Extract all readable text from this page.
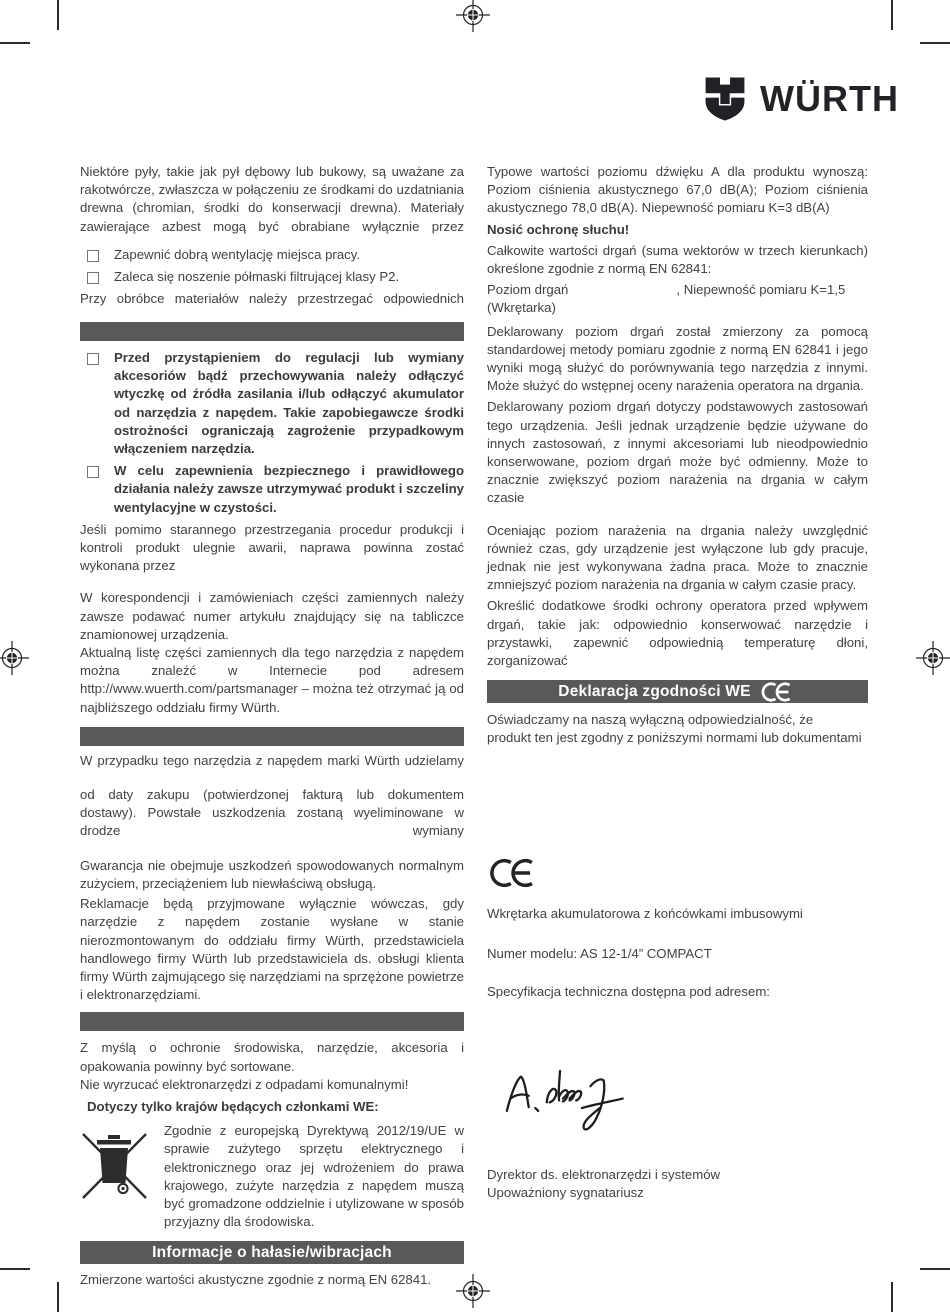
WÜRTH

Niektóre pyły, takie jak pył dębowy lub bukowy, są uważane za rakotwórcze, zwłaszcza w połączeniu ze środkami do uzdatniania drewna (chromian, środki do konserwacji drewna). Materiały zawierające azbest mogą być obrabiane wyłącznie przez

Zapewnić dobrą wentylację miejsca pracy.
Zaleca się noszenie półmaski filtrującej klasy P2.

Przy obróbce materiałów należy przestrzegać odpowiednich

Przed przystąpieniem do regulacji lub wymiany akcesoriów bądź przechowywania należy odłączyć wtyczkę od źródła zasilania i/lub odłączyć akumulator od narzędzia z napędem. Takie zapobiegawcze środki ostrożności ograniczają zagrożenie przypadkowym włączeniem narzędzia.
W celu zapewnienia bezpiecznego i prawidłowego działania należy zawsze utrzymywać produkt i szczeliny wentylacyjne w czystości.

Jeśli pomimo starannego przestrzegania procedur produkcji i kontroli produkt ulegnie awarii, naprawa powinna zostać wykonana przez

W korespondencji i zamówieniach części zamiennych należy zawsze podawać numer artykułu znajdujący się na tabliczce znamionowej urządzenia.

Aktualną listę części zamiennych dla tego narzędzia z napędem można znaleźć w Internecie pod adresem http://www.wuerth.com/partsmanager – można też otrzymać ją od najbliższego oddziału firmy Würth.

W przypadku tego narzędzia z napędem marki Würth udzielamy

od daty zakupu (potwierdzonej fakturą lub dokumentem dostawy). Powstałe uszkodzenia zostaną wyeliminowane w drodze wymiany

Gwarancja nie obejmuje uszkodzeń spowodowanych normalnym zużyciem, przeciążeniem lub niewłaściwą obsługą.

Reklamacje będą przyjmowane wyłącznie wówczas, gdy narzędzie z napędem zostanie wysłane w stanie nierozmontowanym do oddziału firmy Würth, przedstawiciela handlowego firmy Würth lub przedstawiciela ds. obsługi klienta firmy Würth zajmującego się narzędziami na sprzężone powietrze i elektronarzędziami.

Z myślą o ochronie środowiska, narzędzie, akcesoria i opakowania powinny być sortowane.

Nie wyrzucać elektronarzędzi z odpadami komunalnymi!

Dotyczy tylko krajów będących członkami WE:

Zgodnie z europejską Dyrektywą 2012/19/UE w sprawie zużytego sprzętu elektrycznego i elektronicznego oraz jej wdrożeniem do prawa krajowego, zużyte narzędzia z napędem muszą być gromadzone oddzielnie i utylizowane w sposób przyjazny dla środowiska.

Informacje o hałasie/wibracjach

Zmierzone wartości akustyczne zgodnie z normą EN 62841.

Typowe wartości poziomu dźwięku A dla produktu wynoszą: Poziom ciśnienia akustycznego 67,0 dB(A); Poziom ciśnienia akustycznego 78,0 dB(A). Niepewność pomiaru K=3 dB(A)

Nosić ochronę słuchu!

Całkowite wartości drgań (suma wektorów w trzech kierunkach) określone zgodnie z normą EN 62841:

Poziom drgań	, Niepewność pomiaru K=1,5

(Wkrętarka)

Deklarowany poziom drgań został zmierzony za pomocą standardowej metody pomiaru zgodnie z normą EN 62841 i jego wyniki mogą służyć do porównywania tego narzędzia z innymi. Może służyć do wstępnej oceny narażenia operatora na drgania.

Deklarowany poziom drgań dotyczy podstawowych zastosowań tego urządzenia. Jeśli jednak urządzenie będzie używane do innych zastosowań, z innymi akcesoriami lub nieodpowiednio konserwowane, poziom drgań może być odmienny. Może to znacznie zwiększyć poziom narażenia na drgania w całym czasie

Oceniając poziom narażenia na drgania należy uwzględnić również czas, gdy urządzenie jest wyłączone lub gdy pracuje, jednak nie jest wykonywana żadna praca. Może to znacznie zmniejszyć poziom narażenia na drgania w całym czasie pracy.

Określić dodatkowe środki ochrony operatora przed wpływem drgań, takie jak: odpowiednio konserwować narzędzie i przystawki, zapewnić odpowiednią temperaturę dłoni, zorganizować

Deklaracja zgodności WE

Oświadczamy na naszą wyłączną odpowiedzialność, że

produkt ten jest zgodny z poniższymi normami lub dokumentami

Wkrętarka akumulatorowa z końcówkami imbusowymi

Numer modelu: AS 12-1/4” COMPACT

Specyfikacja techniczna dostępna pod adresem:

Dyrektor ds. elektronarzędzi i systemów

Upoważniony sygnatariusz
